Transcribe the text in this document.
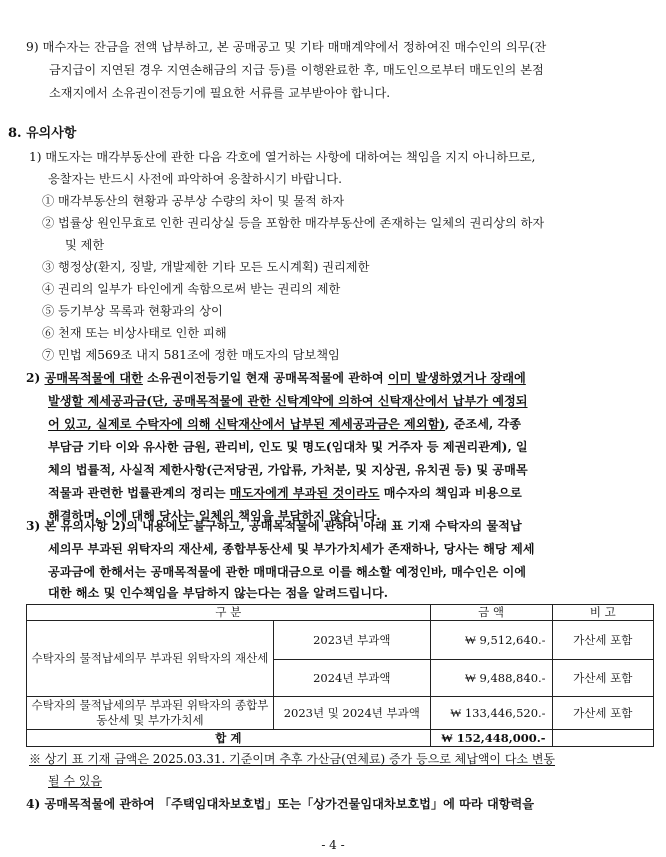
9) 매수자는 잔금을 전액 납부하고, 본 공매공고 및 기타 매매계약에서 정하여진 매수인의 의무(잔
금지급이 지연된 경우 지연손해금의 지급 등)를 이행완료한 후, 매도인으로부터 매도인의 본점
소재지에서 소유권이전등기에 필요한 서류를 교부받아야 합니다.
8. 유의사항
1) 매도자는 매각부동산에 관한 다음 각호에 열거하는 사항에 대하여는 책임을 지지 아니하므로,
응찰자는 반드시 사전에 파악하여 응찰하시기 바랍니다.
① 매각부동산의 현황과 공부상 수량의 차이 및 물적 하자
② 법률상 원인무효로 인한 권리상실 등을 포함한 매각부동산에 존재하는 일체의 권리상의 하자
및 제한
③ 행정상(환지, 징발, 개발제한 기타 모든 도시계획) 권리제한
④ 권리의 일부가 타인에게 속함으로써 받는 권리의 제한
⑤ 등기부상 목록과 현황과의 상이
⑥ 천재 또는 비상사태로 인한 피해
⑦ 민법 제569조 내지 581조에 정한 매도자의 담보책임
2) 공매목적물에 대한 소유권이전등기일 현재 공매목적물에 관하여 이미 발생하였거나 장래에
발생할 제세공과금(단, 공매목적물에 관한 신탁계약에 의하여 신탁재산에서 납부가 예정되
어 있고, 실제로 수탁자에 의해 신탁재산에서 납부된 제세공과금은 제외함), 준조세, 각종
부담금 기타 이와 유사한 금원, 관리비, 인도 및 명도(임대차 및 거주자 등 제권리관계), 일
체의 법률적, 사실적 제한사항(근저당권, 가압류, 가처분, 및 지상권, 유치권 등) 및 공매목
적물과 관련한 법률관계의 정리는 매도자에게 부과된 것이라도 매수자의 책임과 비용으로
해결하며, 이에 대해 당사는 일체의 책임을 부담하지 않습니다.
3) 본 유의사항 2)의 내용에도 불구하고, 공매목적물에 관하여 아래 표 기재 수탁자의 물적납
세의무 부과된 위탁자의 재산세, 종합부동산세 및 부가가치세가 존재하나, 당사는 해당 제세
공과금에 한해서는 공매목적물에 관한 매매대금으로 이를 해소할 예정인바, 매수인은 이에
대한 해소 및 인수책임을 부담하지 않는다는 점을 알려드립니다.
구 분		금 액	비 고
수탁자의 물적납세의무 부과된 위탁자의 재산세	2023년 부과액	₩ 9,512,640.-	가산세 포함
	2024년 부과액	₩ 9,488,840.-	가산세 포함
수탁자의 물적납세의무 부과된 위탁자의 종합부동산세 및 부가가치세	2023년 및 2024년 부과액	₩ 133,446,520.-	가산세 포함
합 계		₩ 152,448,000.-	
※ 상기 표 기재 금액은 2025.03.31. 기준이며 추후 가산금(연체료) 증가 등으로 체납액이 다소 변동
될 수 있음
4) 공매목적물에 관하여 「주택임대차보호법」또는「상가건물임대차보호법」에 따라 대항력을
- 4 -
